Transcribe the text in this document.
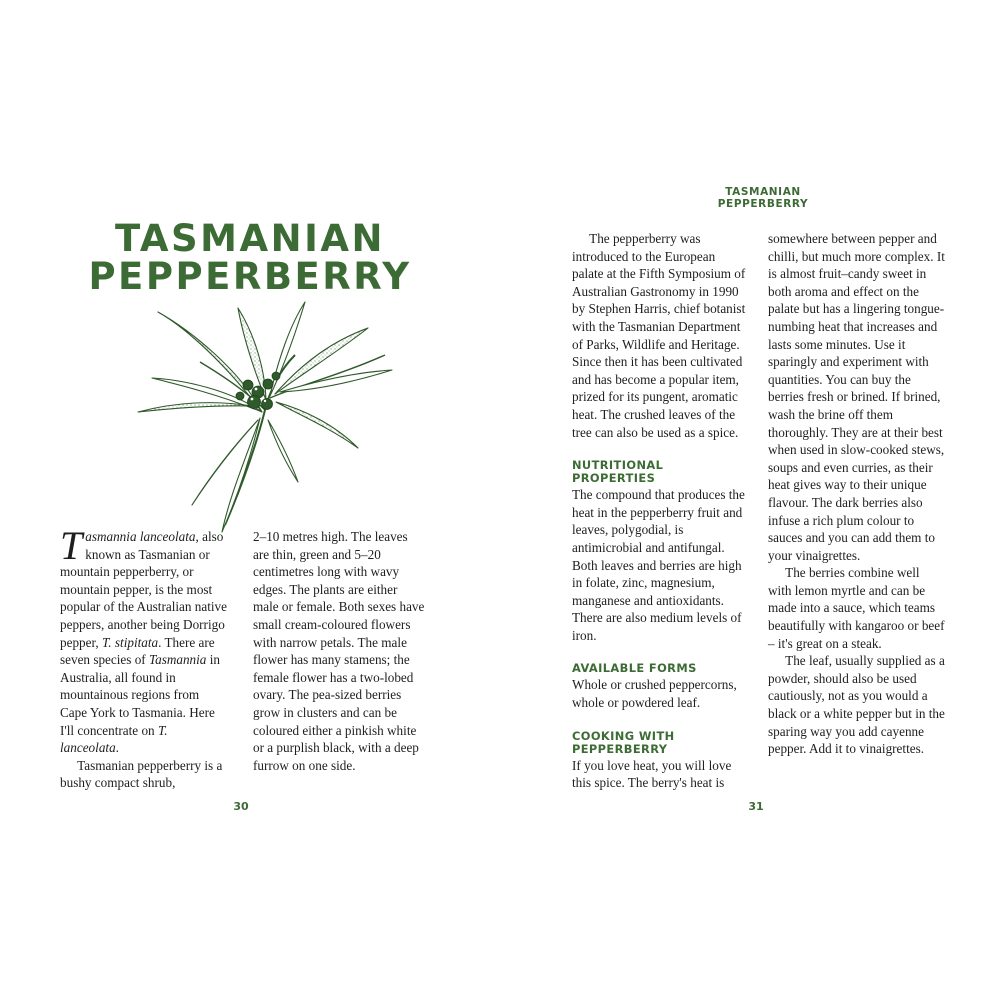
TASMANIAN
PEPPERBERRY

Tasmannia lanceolata, also known as Tasmanian or mountain pepperberry, or mountain pepper, is the most popular of the Australian native peppers, another being Dorrigo pepper, T. stipitata. There are seven species of Tasmannia in Australia, all found in mountainous regions from Cape York to Tasmania. Here I'll concentrate on T. lanceolata.

Tasmanian pepperberry is a bushy compact shrub,

2–10 metres high. The leaves are thin, green and 5–20 centimetres long with wavy edges. The plants are either male or female. Both sexes have small cream-coloured flowers with narrow petals. The male flower has many stamens; the female flower has a two-lobed ovary. The pea-sized berries grow in clusters and can be coloured either a pinkish white or a purplish black, with a deep furrow on one side.

30
TASMANIAN PEPPERBERRY

The pepperberry was introduced to the European palate at the Fifth Symposium of Australian Gastronomy in 1990 by Stephen Harris, chief botanist with the Tasmanian Department of Parks, Wildlife and Heritage. Since then it has been cultivated and has become a popular item, prized for its pungent, aromatic heat. The crushed leaves of the tree can also be used as a spice.

NUTRITIONAL PROPERTIES

The compound that produces the heat in the pepperberry fruit and leaves, polygodial, is antimicrobial and antifungal. Both leaves and berries are high in folate, zinc, magnesium, manganese and antioxidants. There are also medium levels of iron.

AVAILABLE FORMS

Whole or crushed peppercorns, whole or powdered leaf.

COOKING WITH PEPPERBERRY

If you love heat, you will love this spice. The berry's heat is

somewhere between pepper and chilli, but much more complex. It is almost fruit–candy sweet in both aroma and effect on the palate but has a lingering tongue-numbing heat that increases and lasts some minutes. Use it sparingly and experiment with quantities. You can buy the berries fresh or brined. If brined, wash the brine off them thoroughly. They are at their best when used in slow-cooked stews, soups and even curries, as their heat gives way to their unique flavour. The dark berries also infuse a rich plum colour to sauces and you can add them to your vinaigrettes.

The berries combine well with lemon myrtle and can be made into a sauce, which teams beautifully with kangaroo or beef – it's great on a steak.

The leaf, usually supplied as a powder, should also be used cautiously, not as you would a black or a white pepper but in the sparing way you add cayenne pepper. Add it to vinaigrettes.

31
